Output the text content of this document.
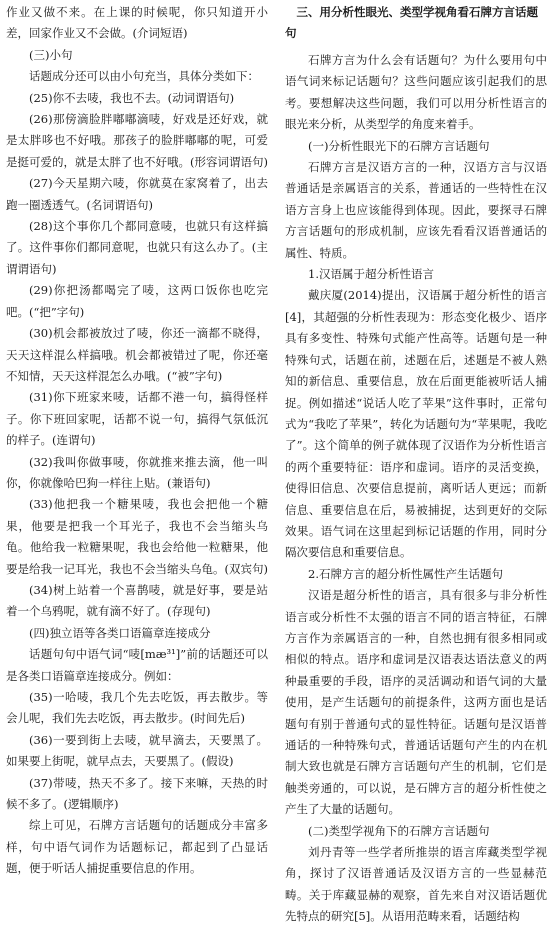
作业又做不来。在上课的时候呢，你只知道开小差，回家作业又不会做。(介词短语)

(三)小句

话题成分还可以由小句充当，具体分类如下：

(25)你不去唛，我也不去。(动词谓语句)

(26)那傍滴脸胖嘟嘟滴唛，好戏是还好戏，就是太胖哆也不好哦。那孩子的脸胖嘟嘟的呢，可爱是挺可爱的，就是太胖了也不好哦。(形容词谓语句)

(27)今天星期六唛，你就莫在家窝着了，出去跑一圈透透气。(名词谓语句)

(28)这个事你几个都同意唛，也就只有这样搞了。这件事你们都同意呢，也就只有这么办了。(主谓谓语句)

(29)你把汤都喝完了唛，这两口饭你也吃完吧。(“把”字句)

(30)机会都被放过了唛，你还一滴都不晓得，天天这样混么样搞哦。机会都被错过了呢，你还毫不知情，天天这样混怎么办哦。(“被”字句)

(31)你下班家来唛，话都不港一句，搞得怪样子。你下班回家呢，话都不说一句，搞得气氛低沉的样子。(连谓句)

(32)我叫你做事唛，你就推来推去滴，他一叫你，你就像哈巴狗一样往上贴。(兼语句)

(33)他把我一个糖果唛，我也会把他一个糖果，他要是把我一个耳光子，我也不会当缩头乌龟。他给我一粒糖果呢，我也会给他一粒糖果，他要是给我一记耳光，我也不会当缩头乌龟。(双宾句)

(34)树上站着一个喜鹊唛，就是好事，要是站着一个乌鸦呢，就有滴不好了。(存现句)

(四)独立语等各类口语篇章连接成分

话题句句中语气词“唛[mæ³¹]”前的话题还可以是各类口语篇章连接成分。例如：

(35)一哈唛，我几个先去吃饭，再去散步。等会儿呢，我们先去吃饭，再去散步。(时间先后)

(36)一要到街上去唛，就早滴去，天要黑了。如果要上街呢，就早点去，天要黑了。(假设)

(37)带唛，热天不多了。接下来嘛，天热的时候不多了。(逻辑顺序)

综上可见，石牌方言话题句的话题成分丰富多样，句中语气词作为话题标记，都起到了凸显话题，便于听话人捕捉重要信息的作用。

三、用分析性眼光、类型学视角看石牌方言话题句

石牌方言为什么会有话题句？为什么要用句中语气词来标记话题句？这些问题应该引起我们的思考。要想解决这些问题，我们可以用分析性语言的眼光来分析，从类型学的角度来着手。

(一)分析性眼光下的石牌方言话题句

石牌方言是汉语方言的一种，汉语方言与汉语普通话是亲属语言的关系，普通话的一些特性在汉语方言身上也应该能得到体现。因此，要探寻石牌方言话题句的形成机制，应该先看看汉语普通话的属性、特质。

1.汉语属于超分析性语言

戴庆厦(2014)提出，汉语属于超分析性的语言[4]，其超强的分析性表现为：形态变化极少、语序具有多变性、特殊句式能产性高等。话题句是一种特殊句式，话题在前，述题在后，述题是不被人熟知的新信息、重要信息，放在后面更能被听话人捕捉。例如描述“说话人吃了苹果”这件事时，正常句式为“我吃了苹果”，转化为话题句为“苹果呢，我吃了”。这个简单的例子就体现了汉语作为分析性语言的两个重要特征：语序和虚词。语序的灵活变换，使得旧信息、次要信息提前，离听话人更远；而新信息、重要信息在后，易被捕捉，达到更好的交际效果。语气词在这里起到标记话题的作用，同时分隔次要信息和重要信息。

2.石牌方言的超分析性属性产生话题句

汉语是超分析性的语言，具有很多与非分析性语言或分析性不太强的语言不同的语言特征，石牌方言作为亲属语言的一种，自然也拥有很多相同或相似的特点。语序和虚词是汉语表达语法意义的两种最重要的手段，语序的灵活调动和语气词的大量使用，是产生话题句的前提条件，这两方面也是话题句有别于普通句式的显性特征。话题句是汉语普通话的一种特殊句式，普通话话题句产生的内在机制大致也就是石牌方言话题句产生的机制，它们是触类旁通的，可以说，是石牌方言的超分析性使之产生了大量的话题句。

(二)类型学视角下的石牌方言话题句

刘丹青等一些学者所推崇的语言库藏类型学视角，探讨了汉语普通话及汉语方言的一些显赫范畴。关于库藏显赫的观察，首先来自对汉语话题优先特点的研究[5]。从语用范畴来看，话题结构
